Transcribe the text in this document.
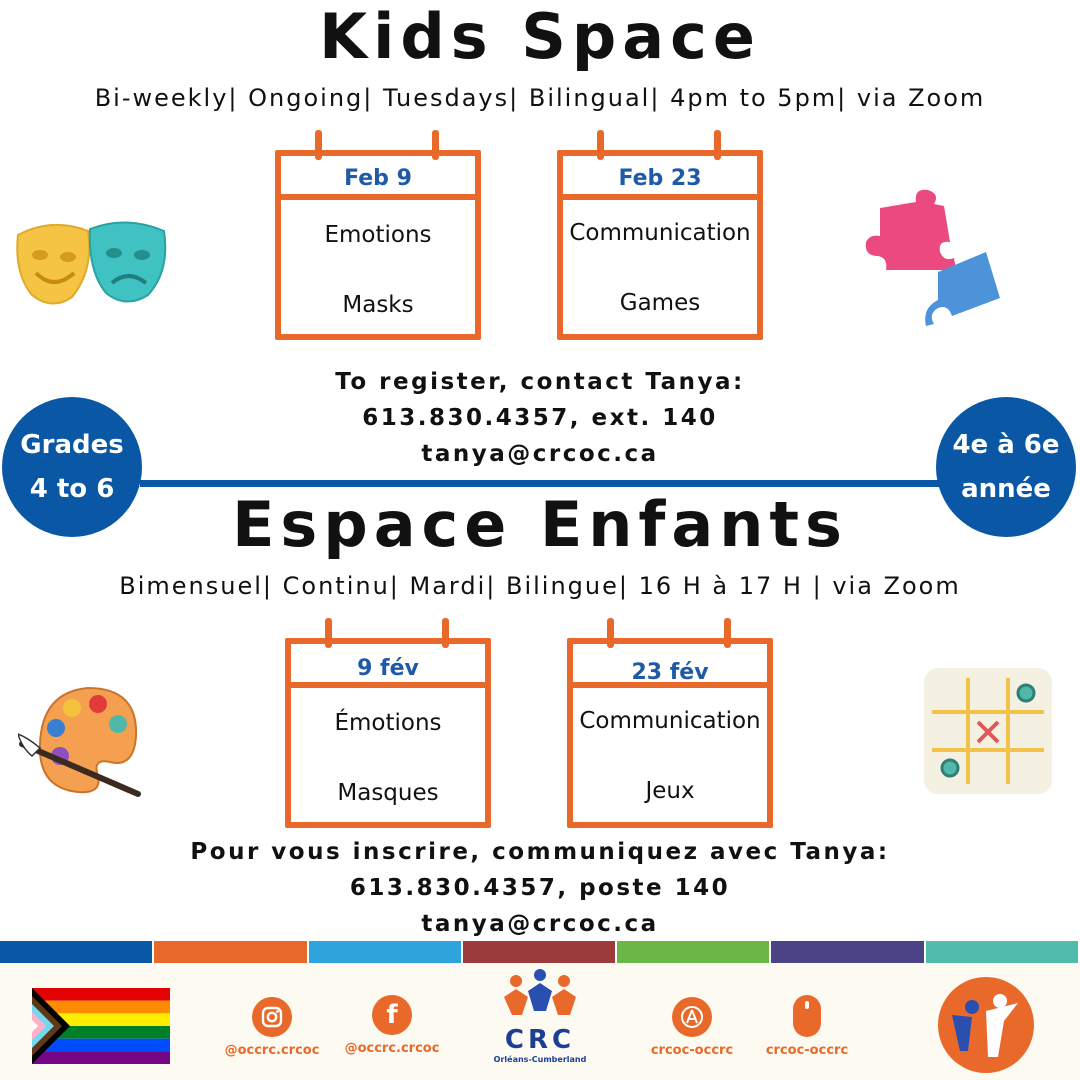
Kids Space
Bi-weekly| Ongoing| Tuesdays| Bilingual| 4pm to 5pm| via Zoom
Feb 9
Emotions
Masks
Feb 23
Communication
Games
To register, contact Tanya:
613.830.4357, ext. 140
tanya@crcoc.ca
Grades
4 to 6
4e à 6e
année
Espace Enfants
Bimensuel| Continu| Mardi| Bilingue| 16 H à 17 H | via Zoom
9 fév
Émotions
Masques
23 fév
Communication
Jeux
Pour vous inscrire, communiquez avec Tanya:
613.830.4357, poste 140
tanya@crcoc.ca
@occrc.crcoc
f
@occrc.crcoc	CRC
Orléans-Cumberland
crcoc-occrc	crcoc-occrc
